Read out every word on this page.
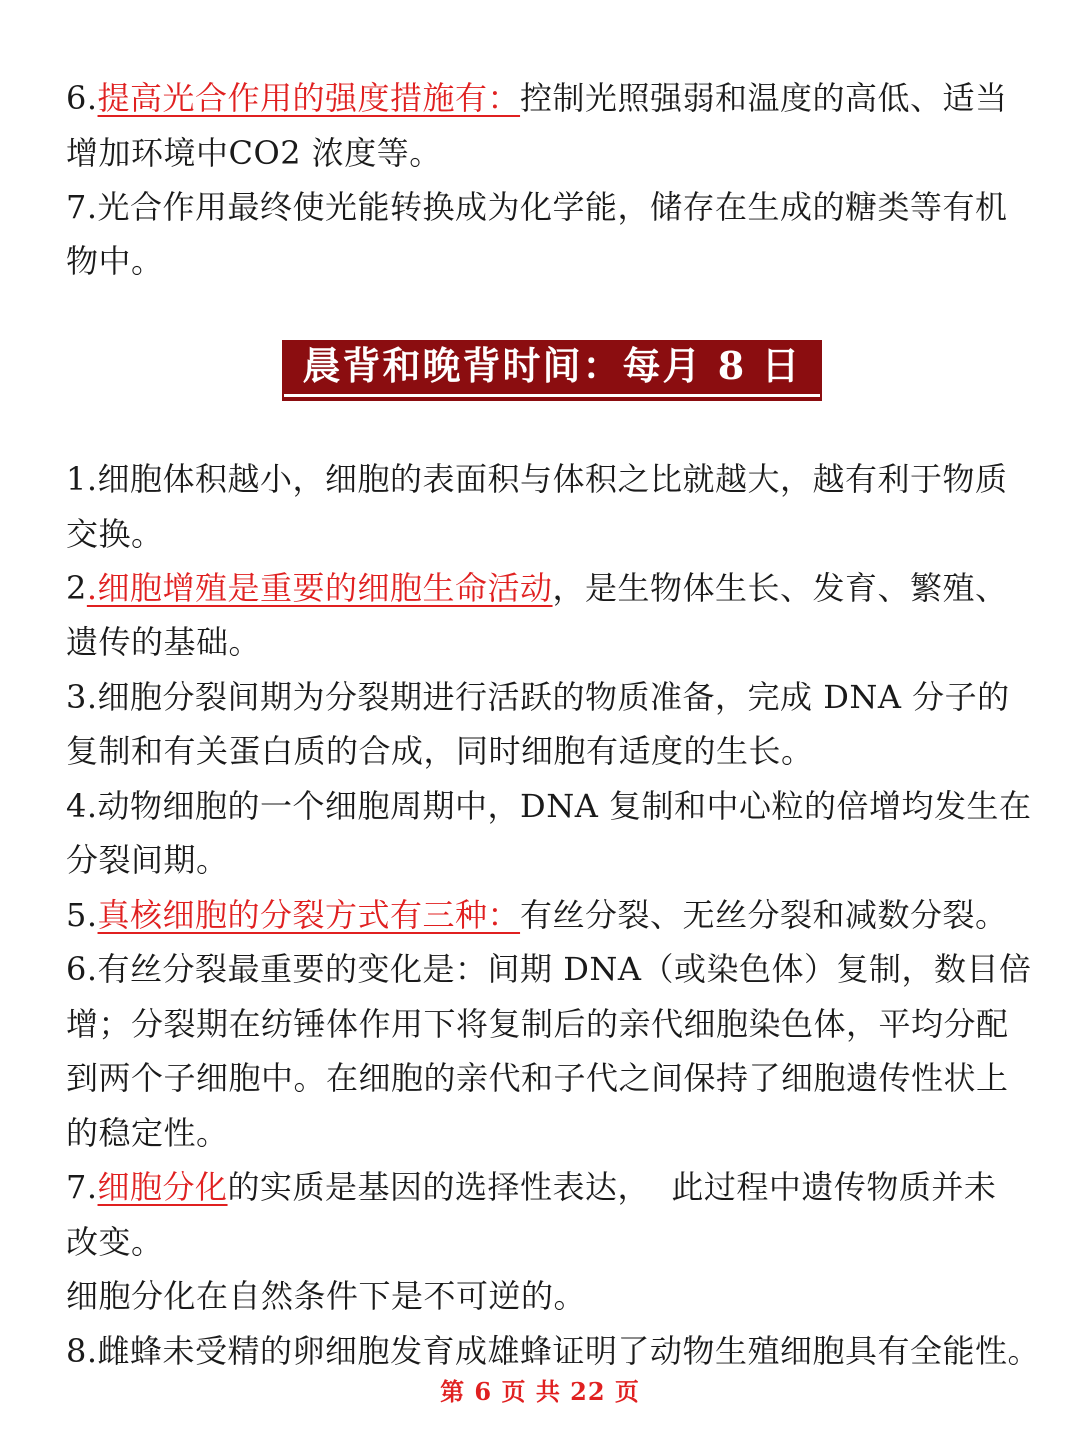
6.提高光合作用的强度措施有：控制光照强弱和温度的高低、适当
增加环境中CO2 浓度等。
7.光合作用最终使光能转换成为化学能，储存在生成的糖类等有机
物中。
晨背和晚背时间：每月 8 日
1.细胞体积越小，细胞的表面积与体积之比就越大，越有利于物质
交换。
2.细胞增殖是重要的细胞生命活动，是生物体生长、发育、繁殖、
遗传的基础。
3.细胞分裂间期为分裂期进行活跃的物质准备，完成 DNA 分子的
复制和有关蛋白质的合成，同时细胞有适度的生长。
4.动物细胞的一个细胞周期中，DNA 复制和中心粒的倍增均发生在
分裂间期。
5.真核细胞的分裂方式有三种：有丝分裂、无丝分裂和减数分裂。
6.有丝分裂最重要的变化是：间期 DNA（或染色体）复制，数目倍
增；分裂期在纺锤体作用下将复制后的亲代细胞染色体，平均分配
到两个子细胞中。在细胞的亲代和子代之间保持了细胞遗传性状上
的稳定性。
7.细胞分化的实质是基因的选择性表达，  此过程中遗传物质并未
改变。
细胞分化在自然条件下是不可逆的。
8.雌蜂未受精的卵细胞发育成雄蜂证明了动物生殖细胞具有全能性。
第 6 页 共 22 页
